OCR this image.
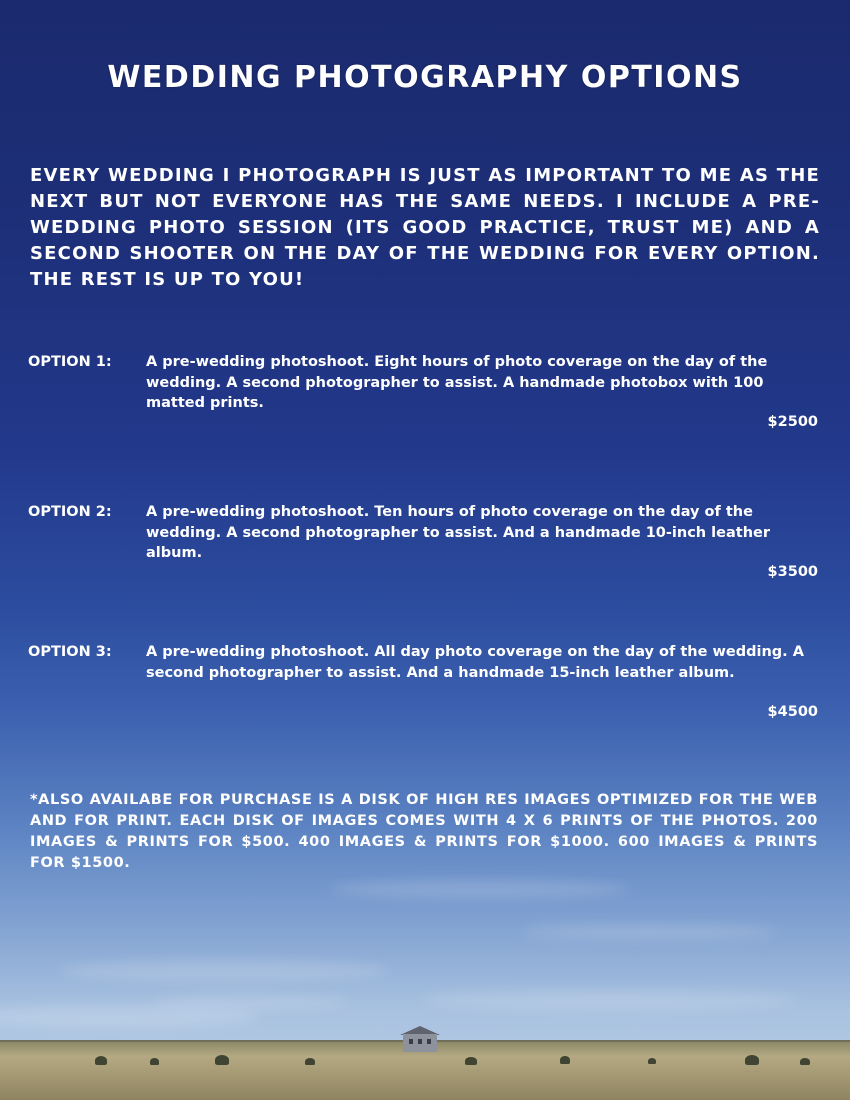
WEDDING PHOTOGRAPHY OPTIONS

EVERY WEDDING I PHOTOGRAPH IS JUST AS IMPORTANT TO ME AS THE NEXT BUT NOT EVERYONE HAS THE SAME NEEDS. I INCLUDE A PRE-WEDDING PHOTO SESSION (ITS GOOD PRACTICE, TRUST ME) AND A SECOND SHOOTER ON THE DAY OF THE WEDDING FOR EVERY OPTION. THE REST IS UP TO YOU!

OPTION 1:	A pre-wedding photoshoot. Eight hours of photo coverage on the day of the wedding. A second photographer to assist. A handmade photobox with 100 matted prints.
$2500
OPTION 2:	A pre-wedding photoshoot. Ten hours of photo coverage on the day of the wedding. A second photographer to assist. And a handmade 10-inch leather album.
$3500
OPTION 3:	A pre-wedding photoshoot. All day photo coverage on the day of the wedding. A second photographer to assist. And a handmade 15-inch leather album.
$4500

*ALSO AVAILABE FOR PURCHASE IS A DISK OF HIGH RES IMAGES OPTIMIZED FOR THE WEB AND FOR PRINT. EACH DISK OF IMAGES COMES WITH 4 X 6 PRINTS OF THE PHOTOS. 200 IMAGES & PRINTS FOR $500. 400 IMAGES & PRINTS FOR $1000. 600 IMAGES & PRINTS FOR $1500.
